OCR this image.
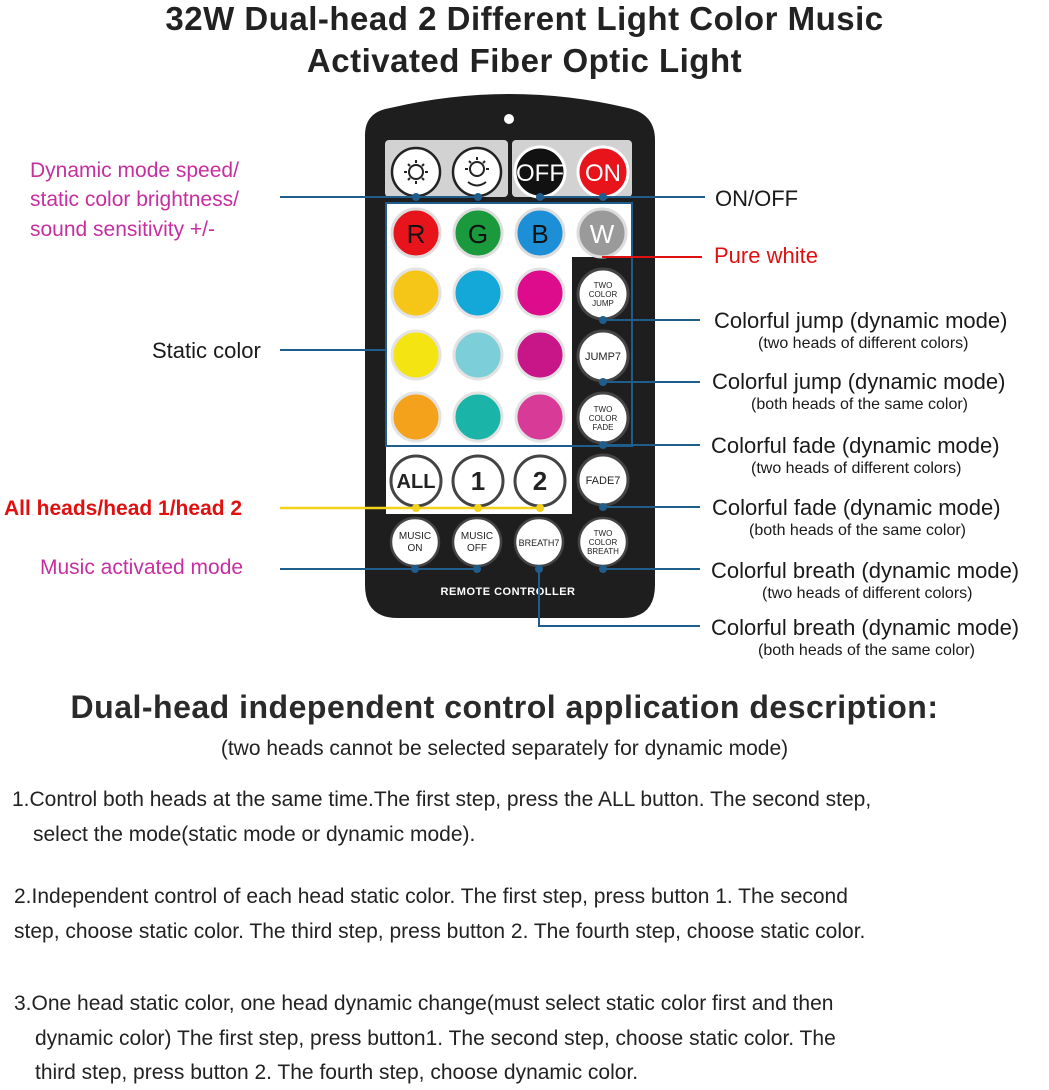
32W Dual-head 2 Different Light Color Music
Activated Fiber Optic Light
OFF ON
R G B W
TWO
COLOR
JUMP
JUMP7
TWO
COLOR
FADE
FADE7
ALL 1 2
MUSIC
ON
MUSIC
OFF	BREATH7
TWO
COLOR
BREATH
REMOTE CONTROLLER
Dynamic mode speed/
static color brightness/
sound sensitivity +/-
Static color
All heads/head 1/head 2
Music activated mode
ON/OFF
Pure white
Colorful jump (dynamic mode)
(two heads of different colors)
Colorful jump (dynamic mode)
(both heads of the same color)
Colorful fade (dynamic mode)
(two heads of different colors)
Colorful fade (dynamic mode)
(both heads of the same color)
Colorful breath (dynamic mode)
(two heads of different colors)
Colorful breath (dynamic mode)
(both heads of the same color)
Dual-head independent control application description:
(two heads cannot be selected separately for dynamic mode)
1.Control both heads at the same time.The first step, press the ALL button. The second step,
select the mode(static mode or dynamic mode).
2.Independent control of each head static color. The first step, press button 1. The second
step, choose static color. The third step, press button 2. The fourth step, choose static color.
3.One head static color, one head dynamic change(must select static color first and then
dynamic color) The first step, press button1. The second step, choose static color. The
third step, press button 2. The fourth step, choose dynamic color.
